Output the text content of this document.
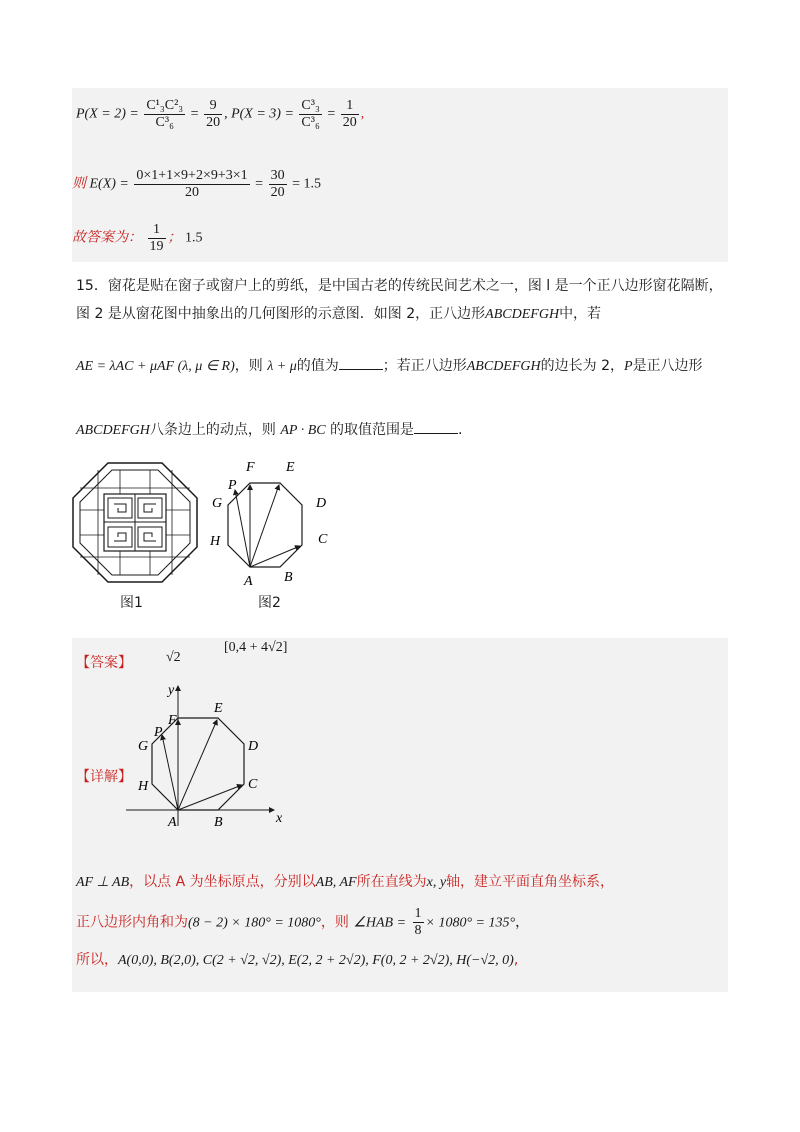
$P(X = 2) = \frac{\text{C¹₃C²₃}}{\text{C³₆}} = \frac{9}{20}$ , $P(X = 3) = \frac{\text{C³₃}}{\text{C³₆}} = \frac{1}{20}$ ,
则 $E(X) = \frac{0\times 1+1\times 9+2\times 9+3\times 1}{20} = \frac{30}{20} = 1.5$
故答案为： $\frac{1}{19}$ ； 1.5
15．窗花是贴在窗子或窗户上的剪纸，是中国古老的传统民间艺术之一，图 l 是一个正八边形窗花隔断，
图 2 是从窗花图中抽象出的几何图形的示意图．如图 2，正八边形ABCDEFGH中，若
AE = λAC + μAF (λ, μ ∈ R)，则 λ + μ的值为	；若正八边形ABCDEFGH的边长为 2，P是正八边形
ABCDEFGH八条边上的动点，则 AP · BC 的取值范围是	.
图1
A B
C
D
E
F
G
H
P
图2
【答案】 √2
[0,4 + 4√2]
【详解】
x
y
A	B
C
D
E
F
G
H
P
AF ⊥ AB，以点 A 为坐标原点，分别以AB, AF所在直线为x, y轴，建立平面直角坐标系，
正八边形内角和为(8 − 2) × 180° = 1080°，则 ∠HAB = $\frac{1}{8} \times 1080^\circ = 135^\circ$，
所以，A(0,0), B(2,0), C(2 + √2, √2), E(2, 2 + 2√2), F(0, 2 + 2√2), H(−√2, 0),
